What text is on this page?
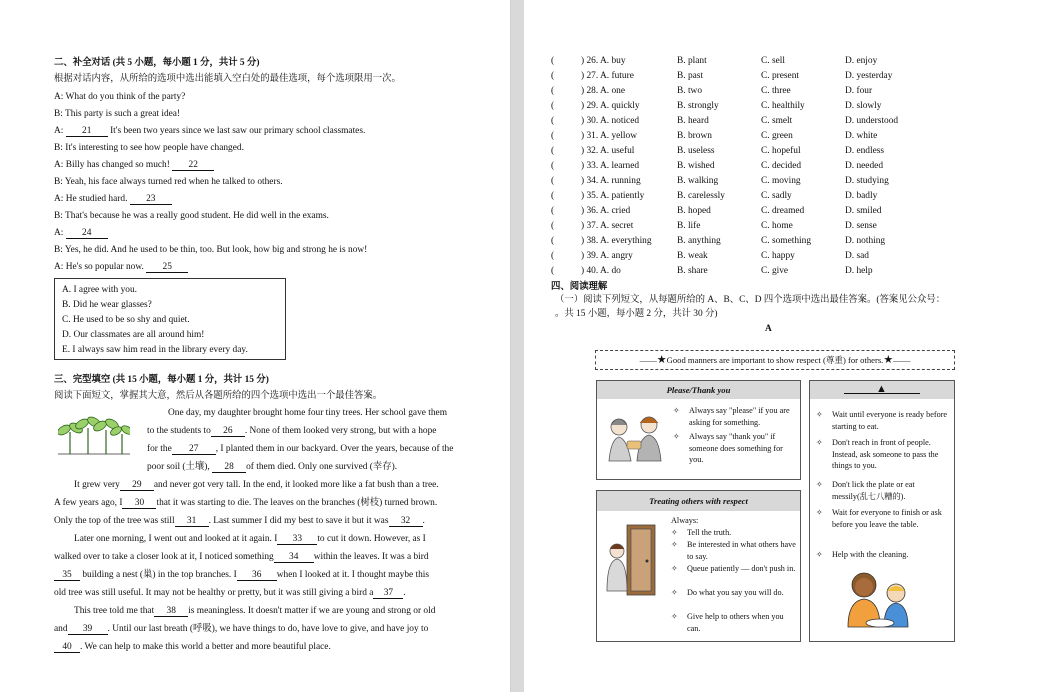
二、补全对话 (共 5 小题，每小题 1 分，共计 5 分)
根据对话内容，从所给的选项中选出能填入空白处的最佳选项，每个选项限用一次。
A: What do you think of the party?
B: This party is such a great idea!
A: 21 It's been two years since we last saw our primary school classmates.
B: It's interesting to see how people have changed.
A: Billy has changed so much! 22
B: Yeah, his face always turned red when he talked to others.
A: He studied hard. 23
B: That's because he was a really good student. He did well in the exams.
A: 24
B: Yes, he did. And he used to be thin, too. But look, how big and strong he is now!
A: He's so popular now. 25
A. I agree with you.
B. Did he wear glasses?
C. He used to be so shy and quiet.
D. Our classmates are all around him!
E. I always saw him read in the library every day.
三、完型填空 (共 15 小题，每小题 1 分，共计 15 分)
阅读下面短文，掌握其大意，然后从各题所给的四个选项中选出一个最佳答案。
One day, my daughter brought home four tiny trees. Her school gave them
to the students to 26 . None of them looked very strong, but with a hope
for the 27 , I planted them in our backyard. Over the years, because of the
poor soil (土壤), 28 of them died. Only one survived (幸存).
It grew very 29 and never got very tall. In the end, it looked more like a fat bush than a tree.
A few years ago, I 30 that it was starting to die. The leaves on the branches (树枝) turned brown.
Only the top of the tree was still 31 . Last summer I did my best to save it but it was 32 .
Later one morning, I went out and looked at it again. I 33 to cut it down. However, as I
walked over to take a closer look at it, I noticed something 34 within the leaves. It was a bird
35 building a nest (巢) in the top branches. I 36 when I looked at it. I thought maybe this
old tree was still useful. It may not be healthy or pretty, but it was still giving a bird a 37 .
This tree told me that 38 is meaningless. It doesn't matter if we are young and strong or old
and 39 . Until our last breath (呼吸), we have things to do, have love to give, and have joy to
40 . We can help to make this world a better and more beautiful place.
(	) 26. A. buy	B. plant	C. sell	D. enjoy
(	) 27. A. future	B. past	C. present	D. yesterday
(	) 28. A. one	B. two	C. three	D. four
(	) 29. A. quickly	B. strongly	C. healthily	D. slowly
(	) 30. A. noticed	B. heard	C. smelt	D. understood
(	) 31. A. yellow	B. brown	C. green	D. white
(	) 32. A. useful	B. useless	C. hopeful	D. endless
(	) 33. A. learned	B. wished	C. decided	D. needed
(	) 34. A. running	B. walking	C. moving	D. studying
(	) 35. A. patiently	B. carelessly	C. sadly	D. badly
(	) 36. A. cried	B. hoped	C. dreamed	D. smiled
(	) 37. A. secret	B. life	C. home	D. sense
(	) 38. A. everything	B. anything	C. something	D. nothing
(	) 39. A. angry	B. weak	C. happy	D. sad
(	) 40. A. do	B. share	C. give	D. help
四、阅读理解
（一）阅读下列短文，从每题所给的 A、B、C、D 四个选项中选出最佳答案。(答案见公众号：
。共 15 小题，每小题 2 分，共计 30 分)
A
——★Good manners are important to show respect (尊重) for others.★——
Please/Thank you
✧ Always say "please" if you are asking for something.
✧ Always say "thank you" if someone does something for you.
Treating others with respect
Always:
✧ Tell the truth.
✧ Be interested in what others have to say.
✧ Queue patiently — don't push in.
✧ Do what you say you will do.
✧ Give help to others when you can.
▲
✧ Wait until everyone is ready before starting to eat.
✧ Don't reach in front of people. Instead, ask someone to pass the things to you.
✧ Don't lick the plate or eat messily(乱七八糟的).
✧ Wait for everyone to finish or ask before you leave the table.
✧ Help with the cleaning.
